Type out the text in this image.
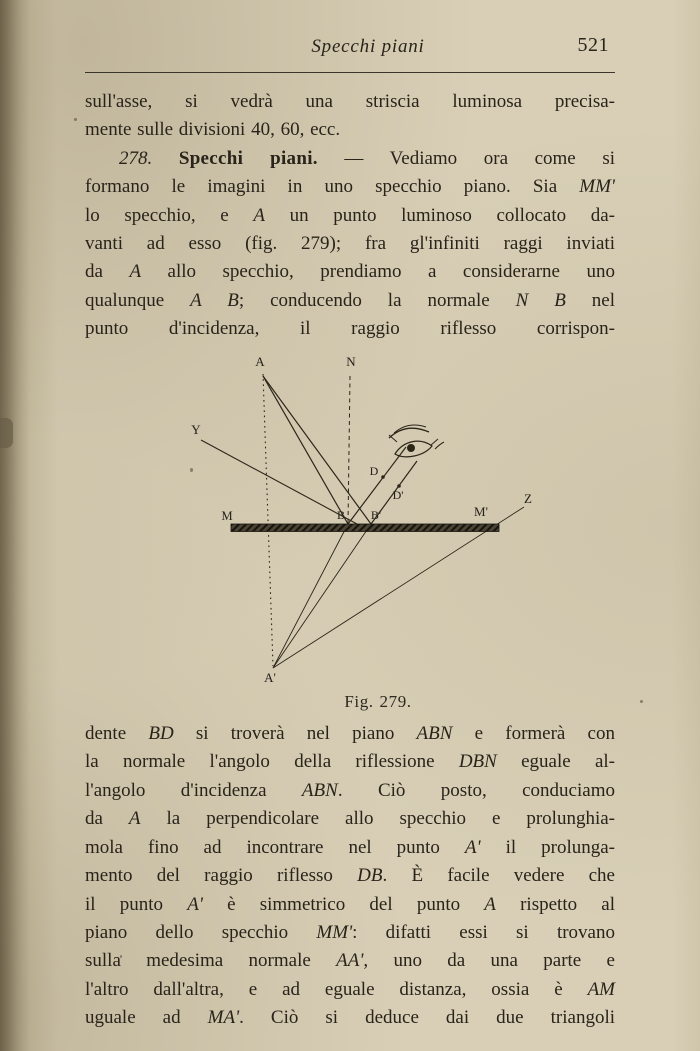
Specchi piani	521
sull'asse, si vedrà una striscia luminosa precisa-
mente sulle divisioni 40, 60, ecc.
278. Specchi piani. — Vediamo ora come si
formano le imagini in uno specchio piano. Sia MM'
lo specchio, e A un punto luminoso collocato da-
vanti ad esso (fig. 279); fra gl'infiniti raggi inviati
da A allo specchio, prendiamo a considerarne uno
qualunque A B; conducendo la normale N B nel
punto d'incidenza, il raggio riflesso corrispon-
A	N
Y
M	B B'
D
D'
M'
Z
A'
Fig. 279.
dente BD si troverà nel piano ABN e formerà con
la normale l'angolo della riflessione DBN eguale al-
l'angolo d'incidenza ABN. Ciò posto, conduciamo
da A la perpendicolare allo specchio e prolunghia-
mola fino ad incontrare nel punto A' il prolunga-
mento del raggio riflesso DB. È facile vedere che
il punto A' è simmetrico del punto A rispetto al
piano dello specchio MM': difatti essi si trovano
sulla medesima normale AA', uno da una parte e
l'altro dall'altra, e ad eguale distanza, ossia è AM
uguale ad MA'. Ciò si deduce dai due triangoli
